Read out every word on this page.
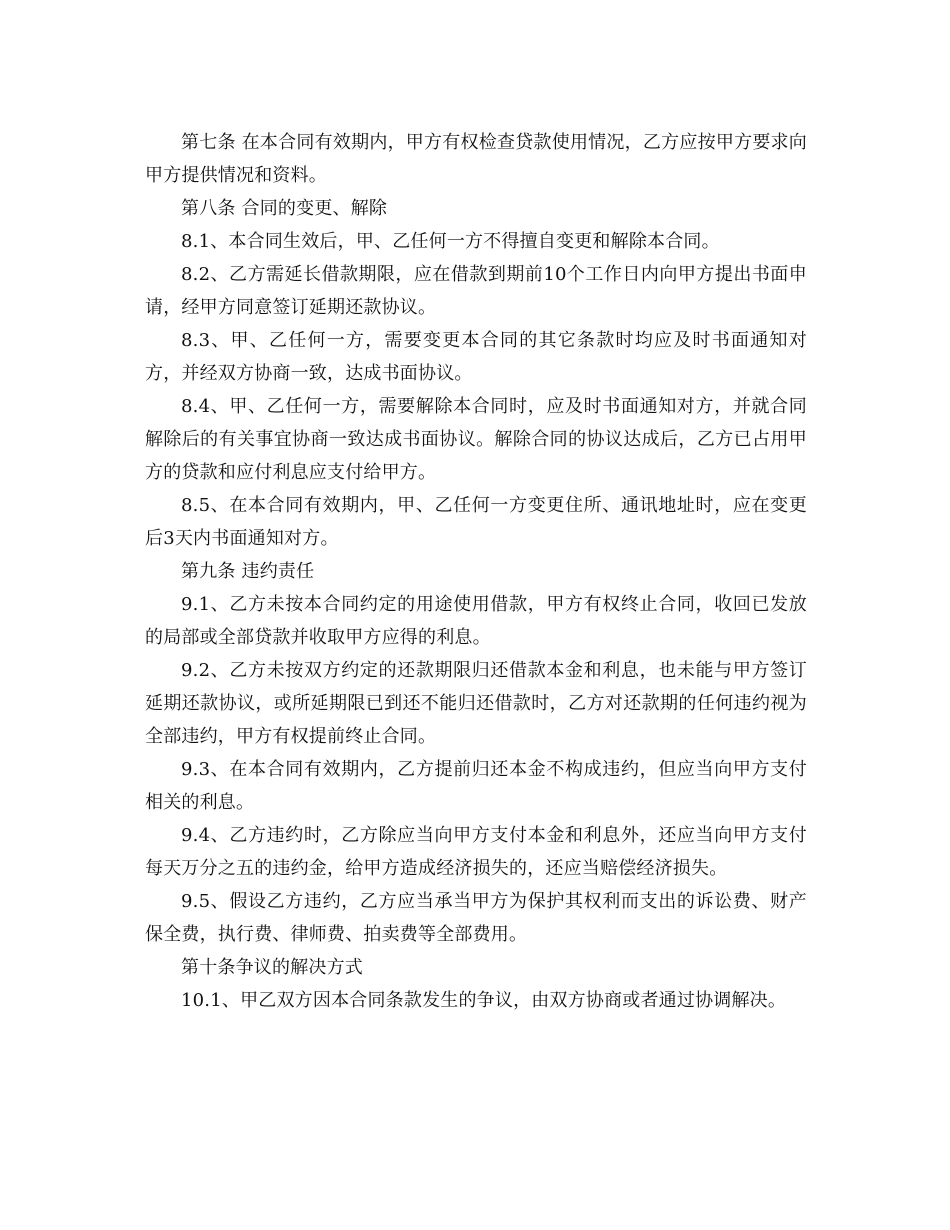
第七条 在本合同有效期内，甲方有权检查贷款使用情况，乙方应按甲方要求向甲方提供情况和资料。

第八条 合同的变更、解除

8.1、本合同生效后，甲、乙任何一方不得擅自变更和解除本合同。

8.2、乙方需延长借款期限，应在借款到期前10个工作日内向甲方提出书面申请，经甲方同意签订延期还款协议。

8.3、甲、乙任何一方，需要变更本合同的其它条款时均应及时书面通知对方，并经双方协商一致，达成书面协议。

8.4、甲、乙任何一方，需要解除本合同时，应及时书面通知对方，并就合同解除后的有关事宜协商一致达成书面协议。解除合同的协议达成后，乙方已占用甲方的贷款和应付利息应支付给甲方。

8.5、在本合同有效期内，甲、乙任何一方变更住所、通讯地址时，应在变更后3天内书面通知对方。

第九条 违约责任

9.1、乙方未按本合同约定的用途使用借款，甲方有权终止合同，收回已发放的局部或全部贷款并收取甲方应得的利息。

9.2、乙方未按双方约定的还款期限归还借款本金和利息，也未能与甲方签订延期还款协议，或所延期限已到还不能归还借款时，乙方对还款期的任何违约视为全部违约，甲方有权提前终止合同。

9.3、在本合同有效期内，乙方提前归还本金不构成违约，但应当向甲方支付相关的利息。

9.4、乙方违约时，乙方除应当向甲方支付本金和利息外，还应当向甲方支付每天万分之五的违约金，给甲方造成经济损失的，还应当赔偿经济损失。

9.5、假设乙方违约，乙方应当承当甲方为保护其权利而支出的诉讼费、财产保全费，执行费、律师费、拍卖费等全部费用。

第十条争议的解决方式

10.1、甲乙双方因本合同条款发生的争议，由双方协商或者通过协调解决。
